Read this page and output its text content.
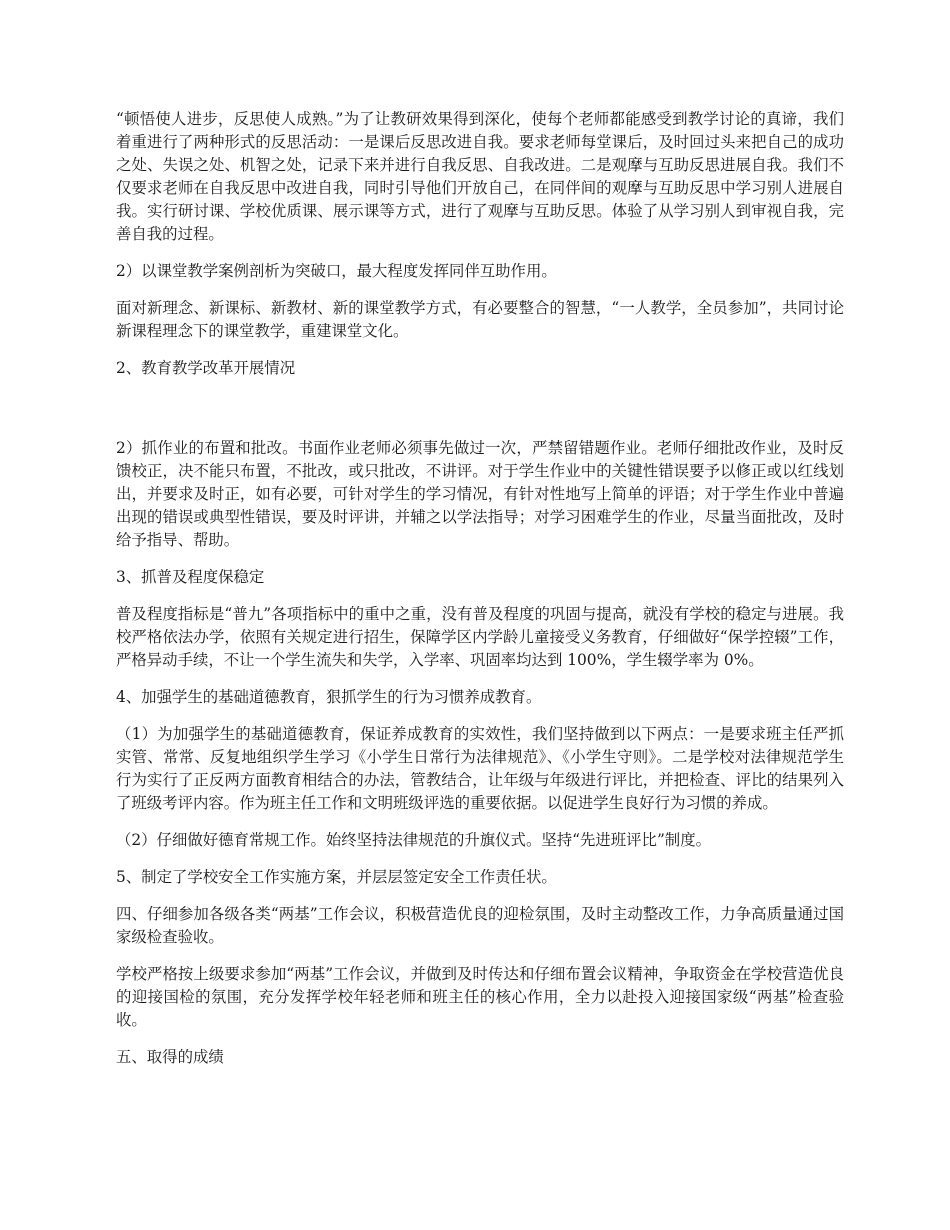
“顿悟使人进步，反思使人成熟。”为了让教研效果得到深化，使每个老师都能感受到教学讨论的真谛，我们着重进行了两种形式的反思活动：一是课后反思改进自我。要求老师每堂课后，及时回过头来把自己的成功之处、失误之处、机智之处，记录下来并进行自我反思、自我改进。二是观摩与互助反思进展自我。我们不仅要求老师在自我反思中改进自我，同时引导他们开放自己，在同伴间的观摩与互助反思中学习别人进展自我。实行研讨课、学校优质课、展示课等方式，进行了观摩与互助反思。体验了从学习别人到审视自我，完善自我的过程。

2）以课堂教学案例剖析为突破口，最大程度发挥同伴互助作用。

面对新理念、新课标、新教材、新的课堂教学方式，有必要整合的智慧，“一人教学，全员参加”，共同讨论新课程理念下的课堂教学，重建课堂文化。

2、教育教学改革开展情况

2）抓作业的布置和批改。书面作业老师必须事先做过一次，严禁留错题作业。老师仔细批改作业，及时反馈校正，决不能只布置，不批改，或只批改，不讲评。对于学生作业中的关键性错误要予以修正或以红线划出，并要求及时正，如有必要，可针对学生的学习情况，有针对性地写上简单的评语；对于学生作业中普遍出现的错误或典型性错误，要及时评讲，并辅之以学法指导；对学习困难学生的作业，尽量当面批改，及时给予指导、帮助。

3、抓普及程度保稳定

普及程度指标是“普九”各项指标中的重中之重，没有普及程度的巩固与提高，就没有学校的稳定与进展。我校严格依法办学，依照有关规定进行招生，保障学区内学龄儿童接受义务教育，仔细做好“保学控辍”工作，严格异动手续，不让一个学生流失和失学，入学率、巩固率均达到 100%，学生辍学率为 0%。

4、加强学生的基础道德教育，狠抓学生的行为习惯养成教育。

（1）为加强学生的基础道德教育，保证养成教育的实效性，我们坚持做到以下两点：一是要求班主任严抓实管、常常、反复地组织学生学习《小学生日常行为法律规范》、《小学生守则》。二是学校对法律规范学生行为实行了正反两方面教育相结合的办法，管教结合，让年级与年级进行评比，并把检查、评比的结果列入了班级考评内容。作为班主任工作和文明班级评选的重要依据。以促进学生良好行为习惯的养成。

（2）仔细做好德育常规工作。始终坚持法律规范的升旗仪式。坚持“先进班评比”制度。

5、制定了学校安全工作实施方案，并层层签定安全工作责任状。

四、仔细参加各级各类“两基”工作会议，积极营造优良的迎检氛围，及时主动整改工作，力争高质量通过国家级检查验收。

学校严格按上级要求参加“两基”工作会议，并做到及时传达和仔细布置会议精神，争取资金在学校营造优良的迎接国检的氛围，充分发挥学校年轻老师和班主任的核心作用，全力以赴投入迎接国家级“两基”检查验收。

五、取得的成绩
